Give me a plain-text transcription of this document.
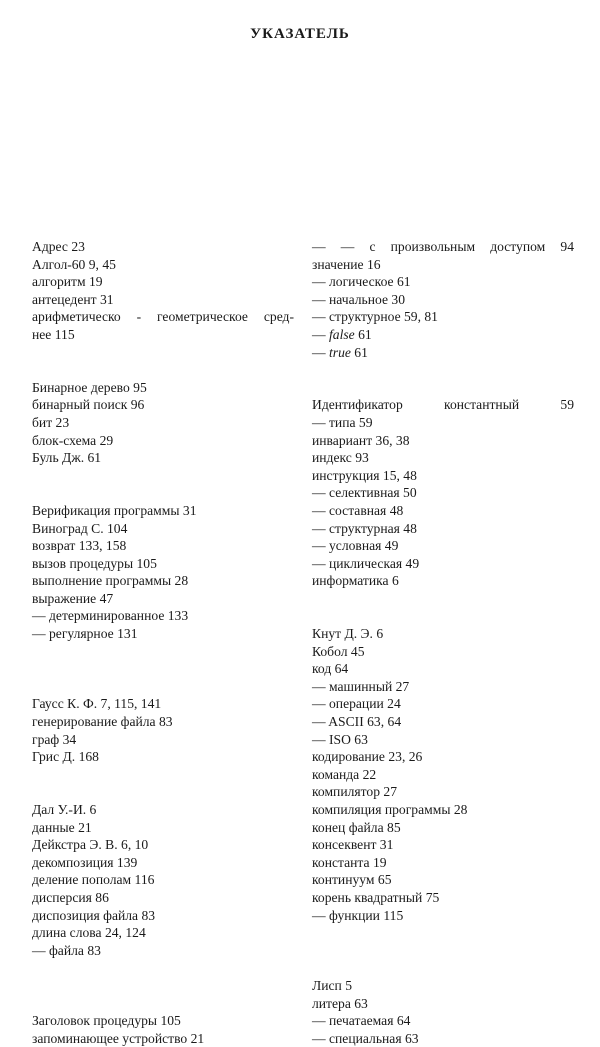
УКАЗАТЕЛЬ
Адрес 23
Алгол-60 9, 45
алгоритм 19
антецедент 31
арифметическо - геометрическое сред-
нее 115
Бинарное дерево 95
бинарный поиск 96
бит 23
блок-схема 29
Буль Дж. 61
Верификация программы 31
Виноград С. 104
возврат 133, 158
вызов процедуры 105
выполнение программы 28
выражение 47
— детерминированное 133
— регулярное 131
Гаусс К. Ф. 7, 115, 141
генерирование файла 83
граф 34
Грис Д. 168
Дал У.-И. 6
данные 21
Дейкстра Э. В. 6, 10
декомпозиция 139
деление пополам 116
дисперсия 86
диспозиция файла 83
длина слова 24, 124
— файла 83
Заголовок процедуры 105
запоминающее устройство 21
— — с произвольным доступом 94
значение 16
— логическое 61
— начальное 30
— структурное 59, 81
— false 61
— true 61
Идентификатор константный 59
— типа 59
инвариант 36, 38
индекс 93
инструкция 15, 48
— селективная 50
— составная 48
— структурная 48
— условная 49
— циклическая 49
информатика 6
Кнут Д. Э. 6
Кобол 45
код 64
— машинный 27
— операции 24
— ASCII 63, 64
— ISO 63
кодирование 23, 26
команда 22
компилятор 27
компиляция программы 28
конец файла 85
консеквент 31
константа 19
континуум 65
корень квадратный 75
— функции 115
Лисп 5
литера 63
— печатаемая 64
— специальная 63
